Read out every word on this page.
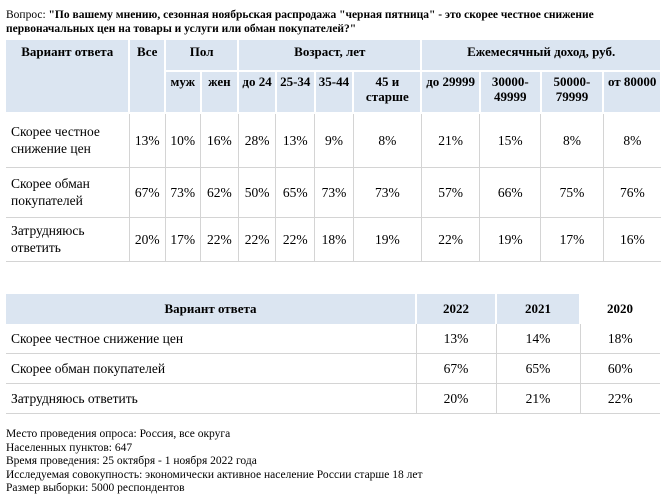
Вопрос: "По вашему мнению, сезонная ноябрьская распродажа "черная пятница" - это скорее честное снижение первоначальных цен на товары и услуги или обман покупателей?"
Вариант ответа	Все	Пол		Возраст, лет				Ежемесячный доход, руб.			
		муж	жен	до 24	25-34	35-44	45 и старше	до 29999	30000-49999	50000-79999	от 80000
Скорее честное снижение цен	13%	10%	16%	28%	13%	9%	8%	21%	15%	8%	8%
Скорее обман покупателей	67%	73%	62%	50%	65%	73%	73%	57%	66%	75%	76%
Затрудняюсь ответить	20%	17%	22%	22%	22%	18%	19%	22%	19%	17%	16%
Вариант ответа	2022	2021	2020
Скорее честное снижение цен	13%	14%	18%
Скорее обман покупателей	67%	65%	60%
Затрудняюсь ответить	20%	21%	22%
Место проведения опроса: Россия, все округа
Населенных пунктов: 647
Время проведения: 25 октября - 1 ноября 2022 года
Исследуемая совокупность: экономически активное население России старше 18 лет
Размер выборки: 5000 респондентов
